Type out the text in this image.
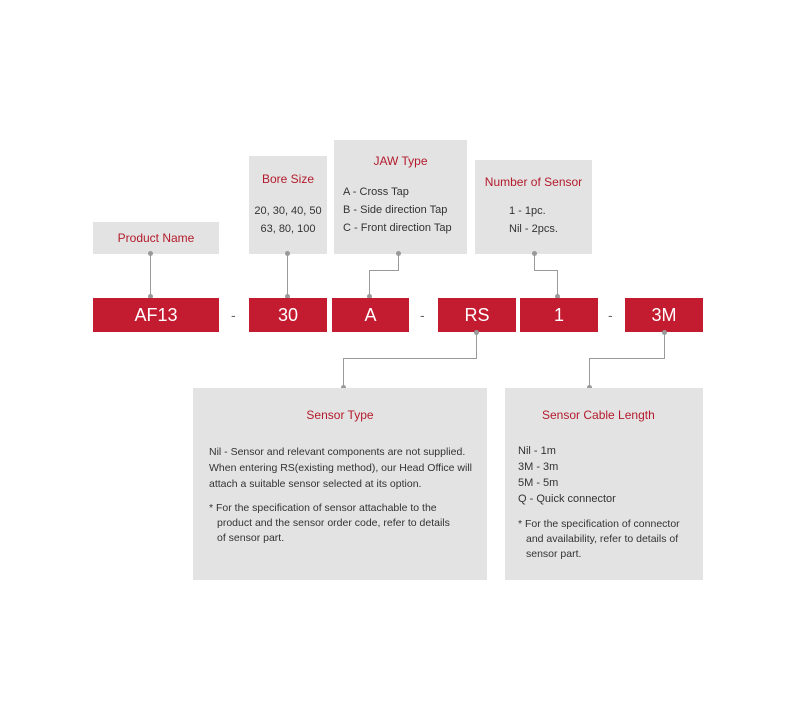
Product Name
Bore Size
20, 30, 40, 50
63, 80, 100
JAW Type
A - Cross Tap
B - Side direction Tap
C - Front direction Tap
Number of Sensor
1 - 1pc.
Nil - 2pcs.
AF13	-	30	A	-	RS	1	-	3M
Sensor Type
Nil - Sensor and relevant components are not supplied.
When entering RS(existing method), our Head Office will
attach a suitable sensor selected at its option.
* For the specification of sensor attachable to the
product and the sensor order code, refer to details
of sensor part.
Sensor Cable Length
Nil - 1m
3M - 3m
5M - 5m
Q - Quick connector
* For the specification of connector
and availability, refer to details of
sensor part.
